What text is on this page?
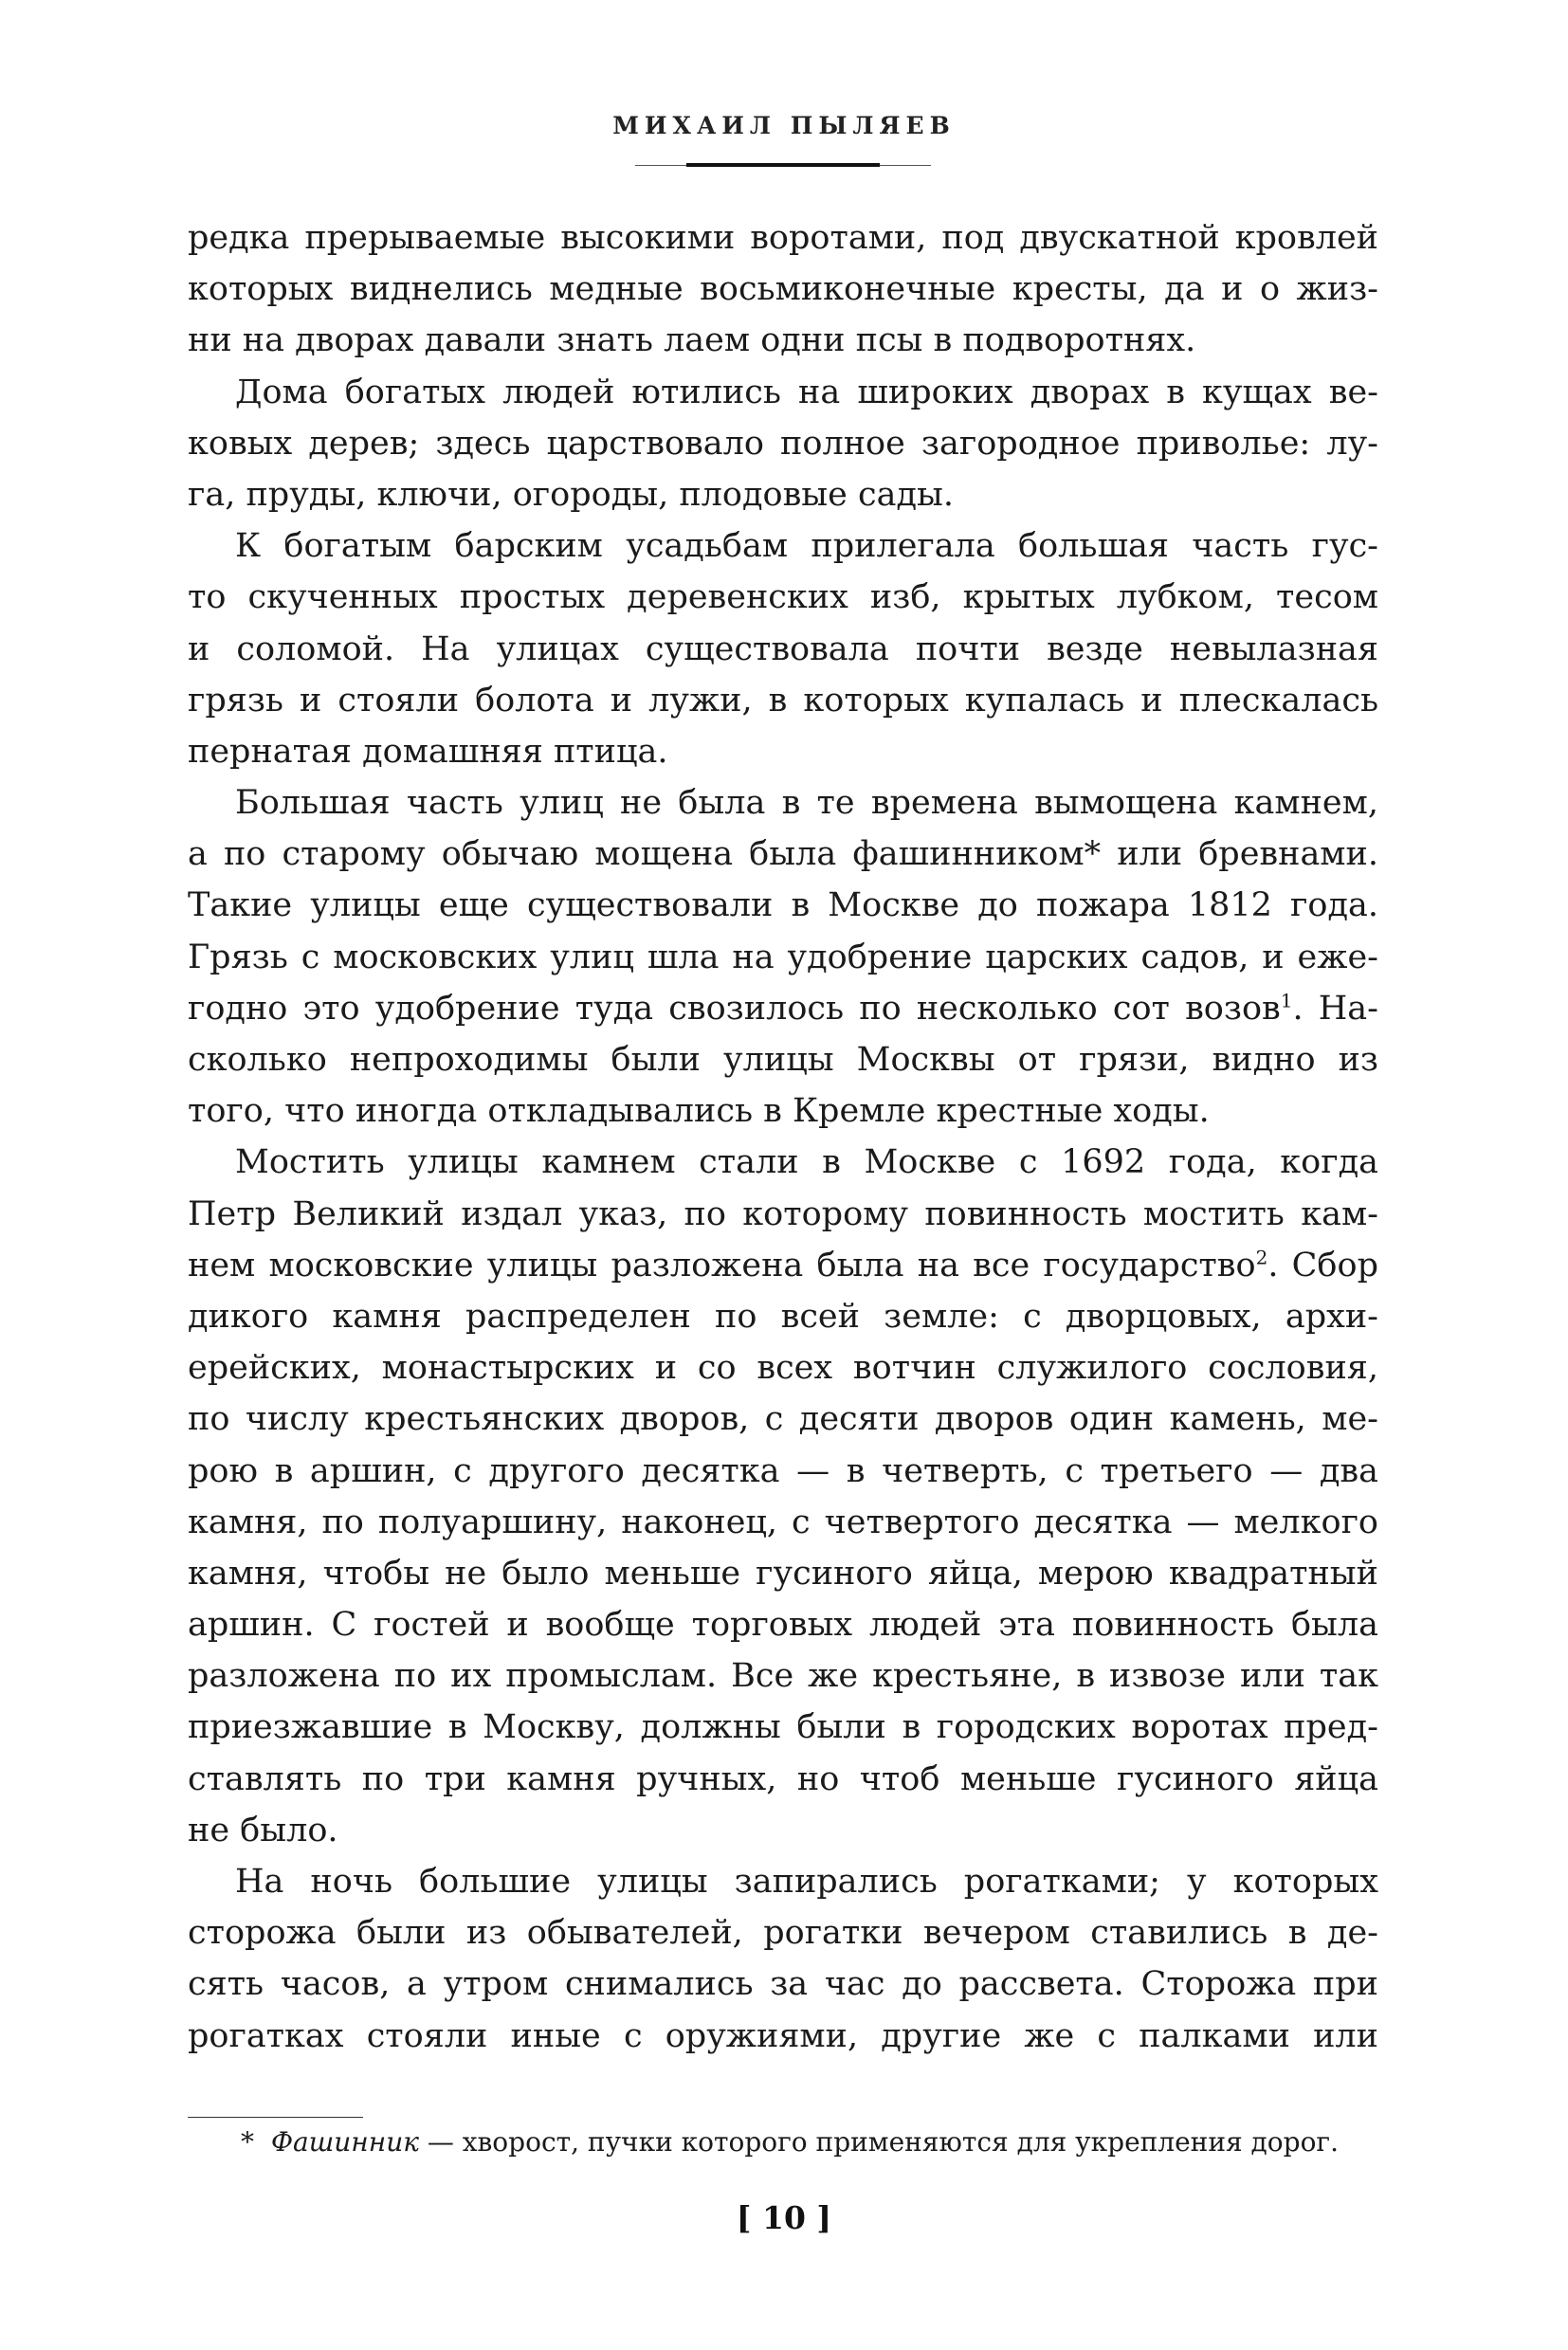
МИХАИЛ ПЫЛЯЕВ
редка прерываемые высокими воротами, под двускатной кровлей
которых виднелись медные восьмиконечные кресты, да и о жиз-
ни на дворах давали знать лаем одни псы в подворотнях.
Дома богатых людей ютились на широких дворах в кущах ве-
ковых дерев; здесь царствовало полное загородное приволье: лу-
га, пруды, ключи, огороды, плодовые сады.
К богатым барским усадьбам прилегала большая часть гус-
то скученных простых деревенских изб, крытых лубком, тесом
и соломой. На улицах существовала почти везде невылазная
грязь и стояли болота и лужи, в которых купалась и плескалась
пернатая домашняя птица.
Большая часть улиц не была в те времена вымощена камнем,
а по старому обычаю мощена была фашинником* или бревнами.
Такие улицы еще существовали в Москве до пожара 1812 года.
Грязь с московских улиц шла на удобрение царских садов, и еже-
годно это удобрение туда свозилось по несколько сот возов$^1$. На-
сколько непроходимы были улицы Москвы от грязи, видно из
того, что иногда откладывались в Кремле крестные ходы.
Мостить улицы камнем стали в Москве с 1692 года, когда
Петр Великий издал указ, по которому повинность мостить кам-
нем московские улицы разложена была на все государство$^2$. Сбор
дикого камня распределен по всей земле: с дворцовых, архи-
ерейских, монастырских и со всех вотчин служилого сословия,
по числу крестьянских дворов, с десяти дворов один камень, ме-
рою в аршин, с другого десятка — в четверть, с третьего — два
камня, по полуаршину, наконец, с четвертого десятка — мелкого
камня, чтобы не было меньше гусиного яйца, мерою квадратный
аршин. С гостей и вообще торговых людей эта повинность была
разложена по их промыслам. Все же крестьяне, в извозе или так
приезжавшие в Москву, должны были в городских воротах пред-
ставлять по три камня ручных, но чтоб меньше гусиного яйца
не было.
На ночь большие улицы запирались рогатками; у которых
сторожа были из обывателей, рогатки вечером ставились в де-
сять часов, а утром снимались за час до рассвета. Сторожа при
рогатках стояли иные с оружиями, другие же с палками или
* Фашинник — хворост, пучки которого применяются для укрепления дорог.
[ 10 ]
